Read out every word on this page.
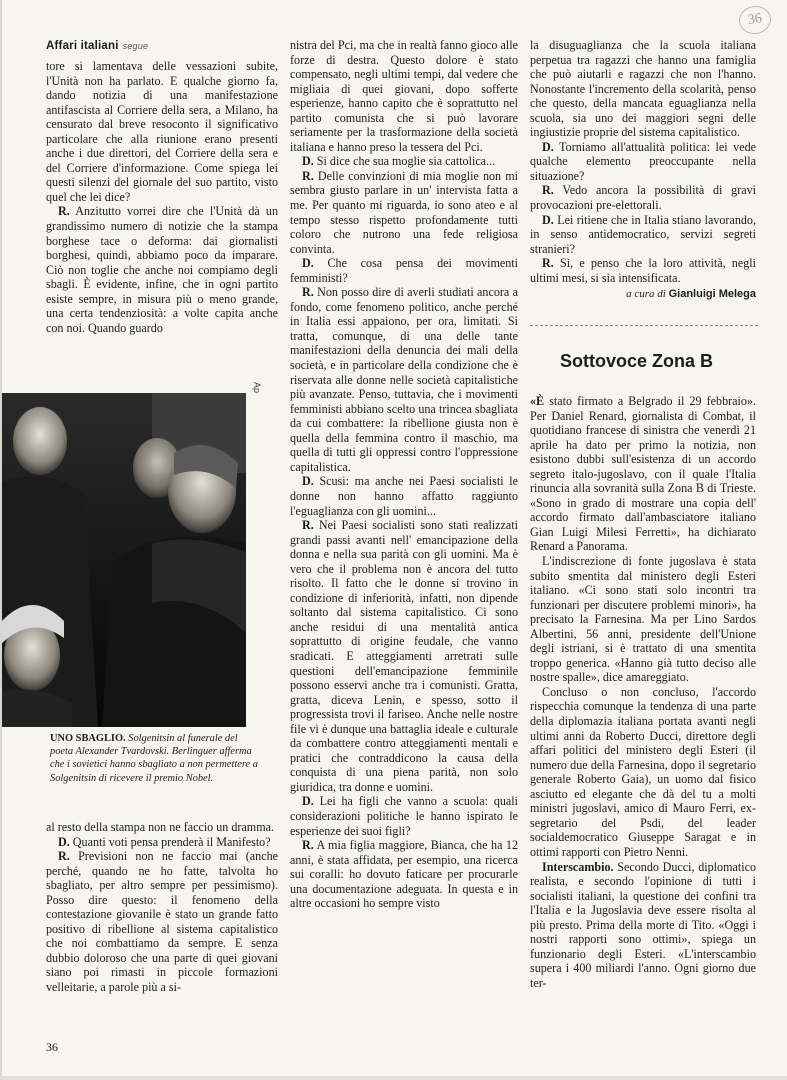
Affari italiani segue
36

tore si lamentava delle vessazioni subite, l'Unità non ha parlato. E qualche giorno fa, dando notizia di una manifestazione antifascista al Corriere della sera, a Milano, ha censurato dal breve resoconto il significativo particolare che alla riunione erano presenti anche i due direttori, del Corriere della sera e del Corriere d'informazione. Come spiega lei questi silenzi del giornale del suo partito, visto quel che lei dice?

R. Anzitutto vorrei dire che l'Unità dà un grandissimo numero di notizie che la stampa borghese tace o deforma: dai giornalisti borghesi, quindi, abbiamo poco da imparare. Ciò non toglie che anche noi compiamo degli sbagli. È evidente, infine, che in ogni partito esiste sempre, in misura più o meno grande, una certa tendenziosità: a volte capita anche con noi. Quando guardo

Ap
UNO SBAGLIO. Solgenitsin al funerale del poeta Alexander Tvardovski. Berlinguer afferma che i sovietici hanno sbagliato a non permettere a Solgenitsin di ricevere il premio Nobel.

al resto della stampa non ne faccio un dramma.

D. Quanti voti pensa prenderà il Manifesto?

R. Previsioni non ne faccio mai (anche perché, quando ne ho fatte, talvolta ho sbagliato, per altro sempre per pessimismo). Posso dire questo: il fenomeno della contestazione giovanile è stato un grande fatto positivo di ribellione al sistema capitalistico che noi combattiamo da sempre. E senza dubbio doloroso che una parte di quei giovani siano poi rimasti in piccole formazioni velleitarie, a parole più a si-

nistra del Pci, ma che in realtà fanno gioco alle forze di destra. Questo dolore è stato compensato, negli ultimi tempi, dal vedere che migliaia di quei giovani, dopo sofferte esperienze, hanno capito che è soprattutto nel partito comunista che si può lavorare seriamente per la trasformazione della società italiana e hanno preso la tessera del Pci.

D. Si dice che sua moglie sia cattolica...

R. Delle convinzioni di mia moglie non mi sembra giusto parlare in un' intervista fatta a me. Per quanto mi riguarda, io sono ateo e al tempo stesso rispetto profondamente tutti coloro che nutrono una fede religiosa convinta.

D. Che cosa pensa dei movimenti femministi?

R. Non posso dire di averli studiati ancora a fondo, come fenomeno politico, anche perché in Italia essi appaiono, per ora, limitati. Si tratta, comunque, di una delle tante manifestazioni della denuncia dei mali della società, e in particolare della condizione che è riservata alle donne nelle società capitalistiche più avanzate. Penso, tuttavia, che i movimenti femministi abbiano scelto una trincea sbagliata da cui combattere: la ribellione giusta non è quella della femmina contro il maschio, ma quella di tutti gli oppressi contro l'oppressione capitalistica.

D. Scusi: ma anche nei Paesi socialisti le donne non hanno affatto raggiunto l'eguaglianza con gli uomini...

R. Nei Paesi socialisti sono stati realizzati grandi passi avanti nell' emancipazione della donna e nella sua parità con gli uomini. Ma è vero che il problema non è ancora del tutto risolto. Il fatto che le donne si trovino in condizione di inferiorità, infatti, non dipende soltanto dal sistema capitalistico. Ci sono anche residui di una mentalità antica soprattutto di origine feudale, che vanno sradicati. E atteggiamenti arretrati sulle questioni dell'emancipazione femminile possono esservi anche tra i comunisti. Gratta, gratta, diceva Lenin, e spesso, sotto il progressista trovi il fariseo. Anche nelle nostre file vi è dunque una battaglia ideale e culturale da combattere contro atteggiamenti mentali e pratici che contraddicono la causa della conquista di una piena parità, non solo giuridica, tra donne e uomini.

D. Lei ha figli che vanno a scuola: quali considerazioni politiche le hanno ispirato le esperienze dei suoi figli?

R. A mia figlia maggiore, Bianca, che ha 12 anni, è stata affidata, per esempio, una ricerca sui coralli: ho dovuto faticare per procurarle una documentazione adeguata. In questa e in altre occasioni ho sempre visto

la disuguaglianza che la scuola italiana perpetua tra ragazzi che hanno una famiglia che può aiutarli e ragazzi che non l'hanno. Nonostante l'incremento della scolarità, penso che questo, della mancata eguaglianza nella scuola, sia uno dei maggiori segni delle ingiustizie proprie del sistema capitalistico.

D. Torniamo all'attualità politica: lei vede qualche elemento preoccupante nella situazione?

R. Vedo ancora la possibilità di gravi provocazioni pre-elettorali.

D. Lei ritiene che in Italia stiano lavorando, in senso antidemocratico, servizi segreti stranieri?

R. Sì, e penso che la loro attività, negli ultimi mesi, si sia intensificata.

a cura di Gianluigi Melega
Sottovoce Zona B

«È stato firmato a Belgrado il 29 febbraio». Per Daniel Renard, giornalista di Combat, il quotidiano francese di sinistra che venerdì 21 aprile ha dato per primo la notizia, non esistono dubbi sull'esistenza di un accordo segreto italo-jugoslavo, con il quale l'Italia rinuncia alla sovranità sulla Zona B di Trieste. «Sono in grado di mostrare una copia dell' accordo firmato dall'ambasciatore italiano Gian Luigi Milesi Ferretti», ha dichiarato Renard a Panorama.

L'indiscrezione di fonte jugoslava è stata subito smentita dal ministero degli Esteri italiano. «Ci sono stati solo incontri tra funzionari per discutere problemi minori», ha precisato la Farnesina. Ma per Lino Sardos Albertini, 56 anni, presidente dell'Unione degli istriani, si è trattato di una smentita troppo generica. «Hanno già tutto deciso alle nostre spalle», dice amareggiato.

Concluso o non concluso, l'accordo rispecchia comunque la tendenza di una parte della diplomazia italiana portata avanti negli ultimi anni da Roberto Ducci, direttore degli affari politici del ministero degli Esteri (il numero due della Farnesina, dopo il segretario generale Roberto Gaia), un uomo dal fisico asciutto ed elegante che dà del tu a molti ministri jugoslavi, amico di Mauro Ferri, ex-segretario del Psdi, del leader socialdemocratico Giuseppe Saragat e in ottimi rapporti con Pietro Nenni.

Interscambio. Secondo Ducci, diplomatico realista, e secondo l'opinione di tutti i socialisti italiani, la questione dei confini tra l'Italia e la Jugoslavia deve essere risolta al più presto. Prima della morte di Tito. «Oggi i nostri rapporti sono ottimi», spiega un funzionario degli Esteri. «L'interscambio supera i 400 miliardi l'anno. Ogni giorno due ter-

36
